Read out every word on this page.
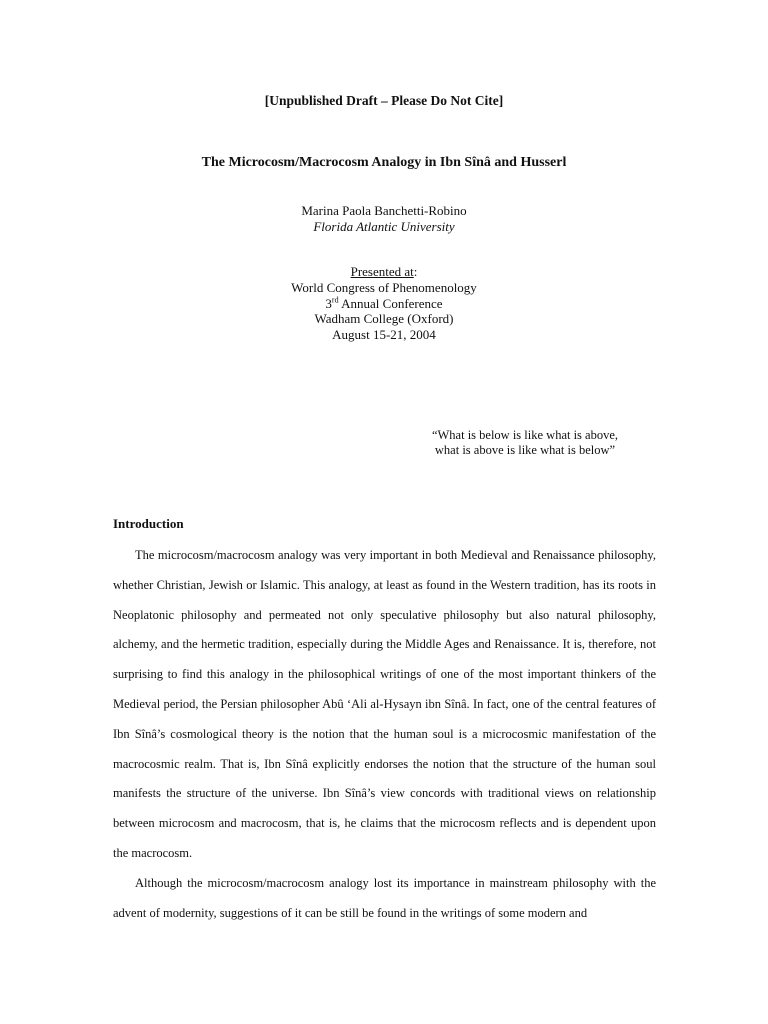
[Unpublished Draft – Please Do Not Cite]
The Microcosm/Macrocosm Analogy in Ibn Sînâ and Husserl
Marina Paola Banchetti-Robino
Florida Atlantic University
Presented at:
World Congress of Phenomenology
3rd Annual Conference
Wadham College (Oxford)
August 15-21, 2004
“What is below is like what is above,
what is above is like what is below”
Introduction

The microcosm/macrocosm analogy was very important in both Medieval and Renaissance philosophy, whether Christian, Jewish or Islamic. This analogy, at least as found in the Western tradition, has its roots in Neoplatonic philosophy and permeated not only speculative philosophy but also natural philosophy, alchemy, and the hermetic tradition, especially during the Middle Ages and Renaissance. It is, therefore, not surprising to find this analogy in the philosophical writings of one of the most important thinkers of the Medieval period, the Persian philosopher Abû ‘Ali al-Hysayn ibn Sînâ. In fact, one of the central features of Ibn Sînâ’s cosmological theory is the notion that the human soul is a microcosmic manifestation of the macrocosmic realm. That is, Ibn Sînâ explicitly endorses the notion that the structure of the human soul manifests the structure of the universe. Ibn Sînâ’s view concords with traditional views on relationship between microcosm and macrocosm, that is, he claims that the microcosm reflects and is dependent upon the macrocosm.

Although the microcosm/macrocosm analogy lost its importance in mainstream philosophy with the advent of modernity, suggestions of it can be still be found in the writings of some modern and
